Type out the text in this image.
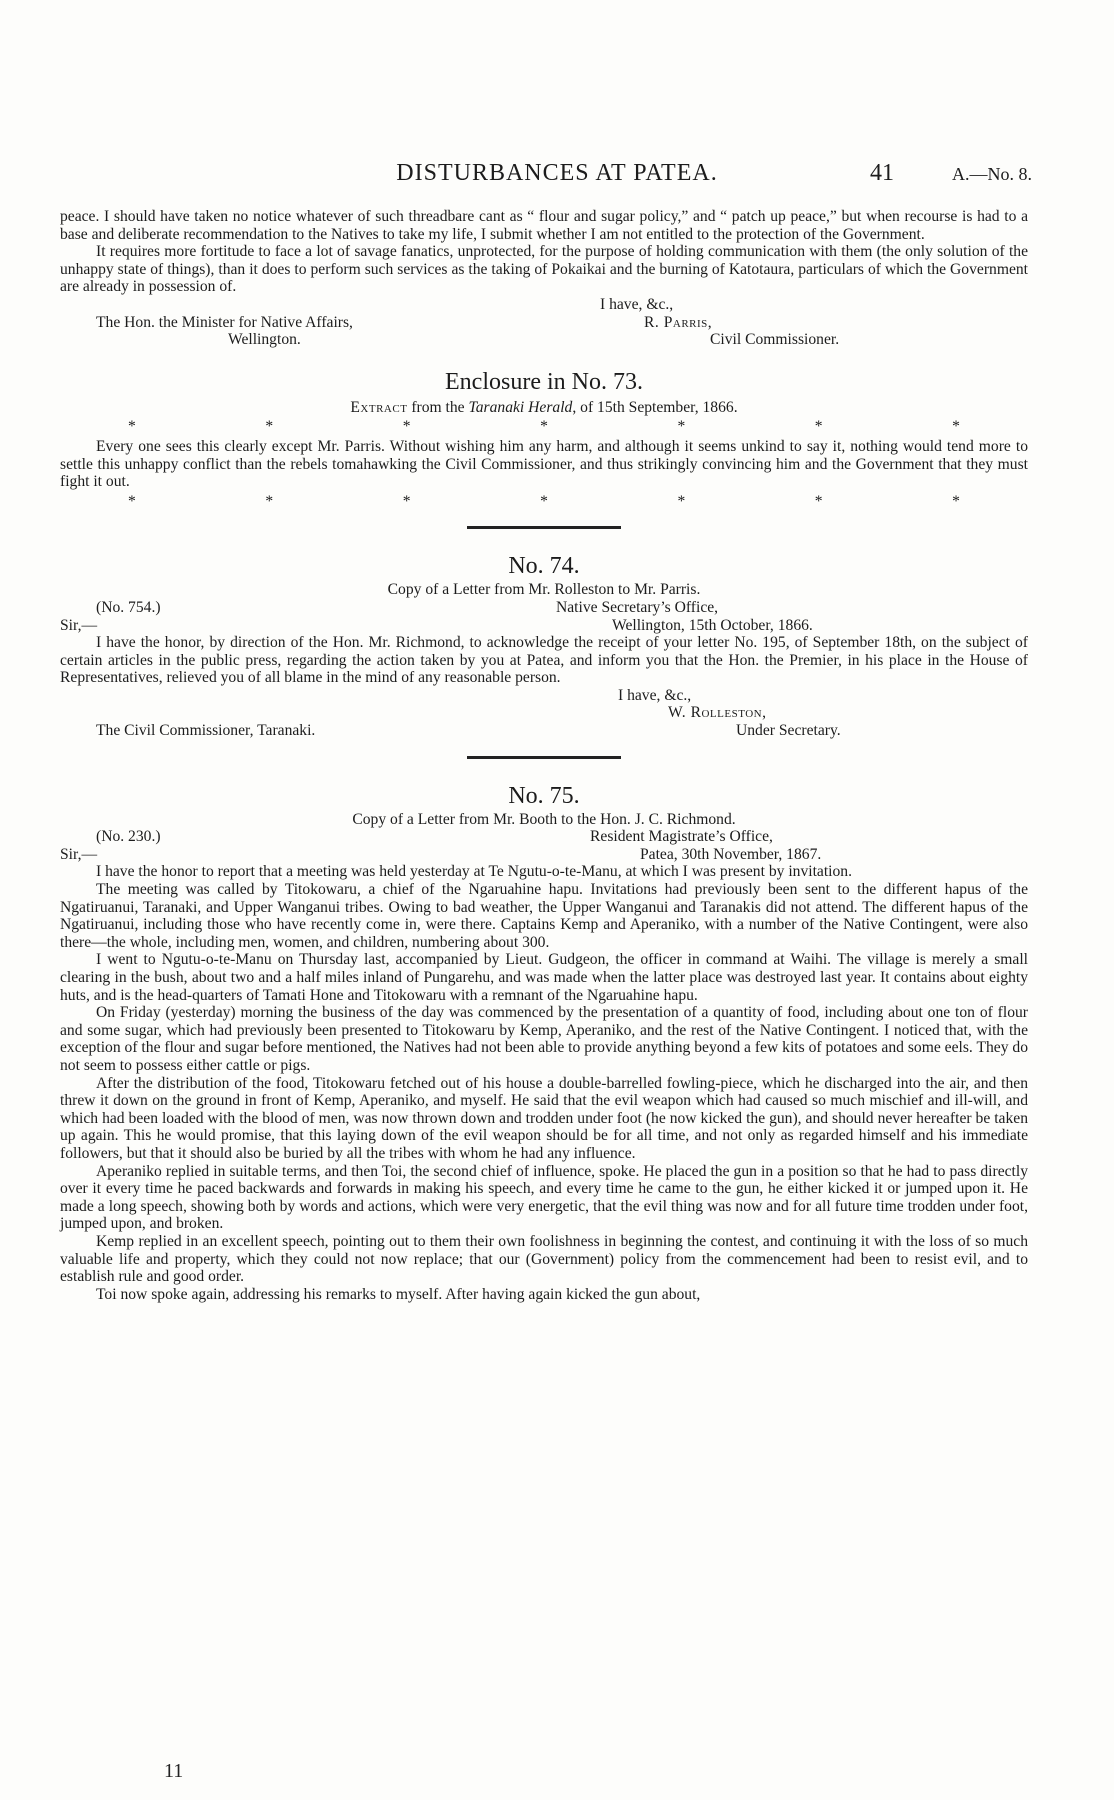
DISTURBANCES AT PATEA.	41	A.—No. 8.

peace. I should have taken no notice whatever of such threadbare cant as “ flour and sugar policy,” and “ patch up peace,” but when recourse is had to a base and deliberate recommendation to the Natives to take my life, I submit whether I am not entitled to the protection of the Government.

It requires more fortitude to face a lot of savage fanatics, unprotected, for the purpose of holding communication with them (the only solution of the unhappy state of things), than it does to perform such services as the taking of Pokaikai and the burning of Katotaura, particulars of which the Government are already in possession of.

I have, &c.,
The Hon. the Minister for Native Affairs,	R. Parris,
Wellington.	Civil Commissioner.
Enclosure in No. 73.
Extract from the Taranaki Herald, of 15th September, 1866.
*	*	*	*	*	*	*

Every one sees this clearly except Mr. Parris. Without wishing him any harm, and although it seems unkind to say it, nothing would tend more to settle this unhappy conflict than the rebels tomahawking the Civil Commissioner, and thus strikingly convincing him and the Government that they must fight it out.

*	*	*	*	*	*	*
No. 74.
Copy of a Letter from Mr. Rolleston to Mr. Parris.
(No. 754.)	Native Secretary’s Office,
Sir,—	Wellington, 15th October, 1866.

I have the honor, by direction of the Hon. Mr. Richmond, to acknowledge the receipt of your letter No. 195, of September 18th, on the subject of certain articles in the public press, regarding the action taken by you at Patea, and inform you that the Hon. the Premier, in his place in the House of Representatives, relieved you of all blame in the mind of any reasonable person.

I have, &c.,
W. Rolleston,
The Civil Commissioner, Taranaki.	Under Secretary.
No. 75.
Copy of a Letter from Mr. Booth to the Hon. J. C. Richmond.
(No. 230.)	Resident Magistrate’s Office,
Sir,—	Patea, 30th November, 1867.

I have the honor to report that a meeting was held yesterday at Te Ngutu-o-te-Manu, at which I was present by invitation.

The meeting was called by Titokowaru, a chief of the Ngaruahine hapu. Invitations had previously been sent to the different hapus of the Ngatiruanui, Taranaki, and Upper Wanganui tribes. Owing to bad weather, the Upper Wanganui and Taranakis did not attend. The different hapus of the Ngatiruanui, including those who have recently come in, were there. Captains Kemp and Aperaniko, with a number of the Native Contingent, were also there—the whole, including men, women, and children, numbering about 300.

I went to Ngutu-o-te-Manu on Thursday last, accompanied by Lieut. Gudgeon, the officer in command at Waihi. The village is merely a small clearing in the bush, about two and a half miles inland of Pungarehu, and was made when the latter place was destroyed last year. It contains about eighty huts, and is the head-quarters of Tamati Hone and Titokowaru with a remnant of the Ngaruahine hapu.

On Friday (yesterday) morning the business of the day was commenced by the presentation of a quantity of food, including about one ton of flour and some sugar, which had previously been presented to Titokowaru by Kemp, Aperaniko, and the rest of the Native Contingent. I noticed that, with the exception of the flour and sugar before mentioned, the Natives had not been able to provide anything beyond a few kits of potatoes and some eels. They do not seem to possess either cattle or pigs.

After the distribution of the food, Titokowaru fetched out of his house a double-barrelled fowling-piece, which he discharged into the air, and then threw it down on the ground in front of Kemp, Aperaniko, and myself. He said that the evil weapon which had caused so much mischief and ill-will, and which had been loaded with the blood of men, was now thrown down and trodden under foot (he now kicked the gun), and should never hereafter be taken up again. This he would promise, that this laying down of the evil weapon should be for all time, and not only as regarded himself and his immediate followers, but that it should also be buried by all the tribes with whom he had any influence.

Aperaniko replied in suitable terms, and then Toi, the second chief of influence, spoke. He placed the gun in a position so that he had to pass directly over it every time he paced backwards and forwards in making his speech, and every time he came to the gun, he either kicked it or jumped upon it. He made a long speech, showing both by words and actions, which were very energetic, that the evil thing was now and for all future time trodden under foot, jumped upon, and broken.

Kemp replied in an excellent speech, pointing out to them their own foolishness in beginning the contest, and continuing it with the loss of so much valuable life and property, which they could not now replace; that our (Government) policy from the commencement had been to resist evil, and to establish rule and good order.

Toi now spoke again, addressing his remarks to myself. After having again kicked the gun about,

11
